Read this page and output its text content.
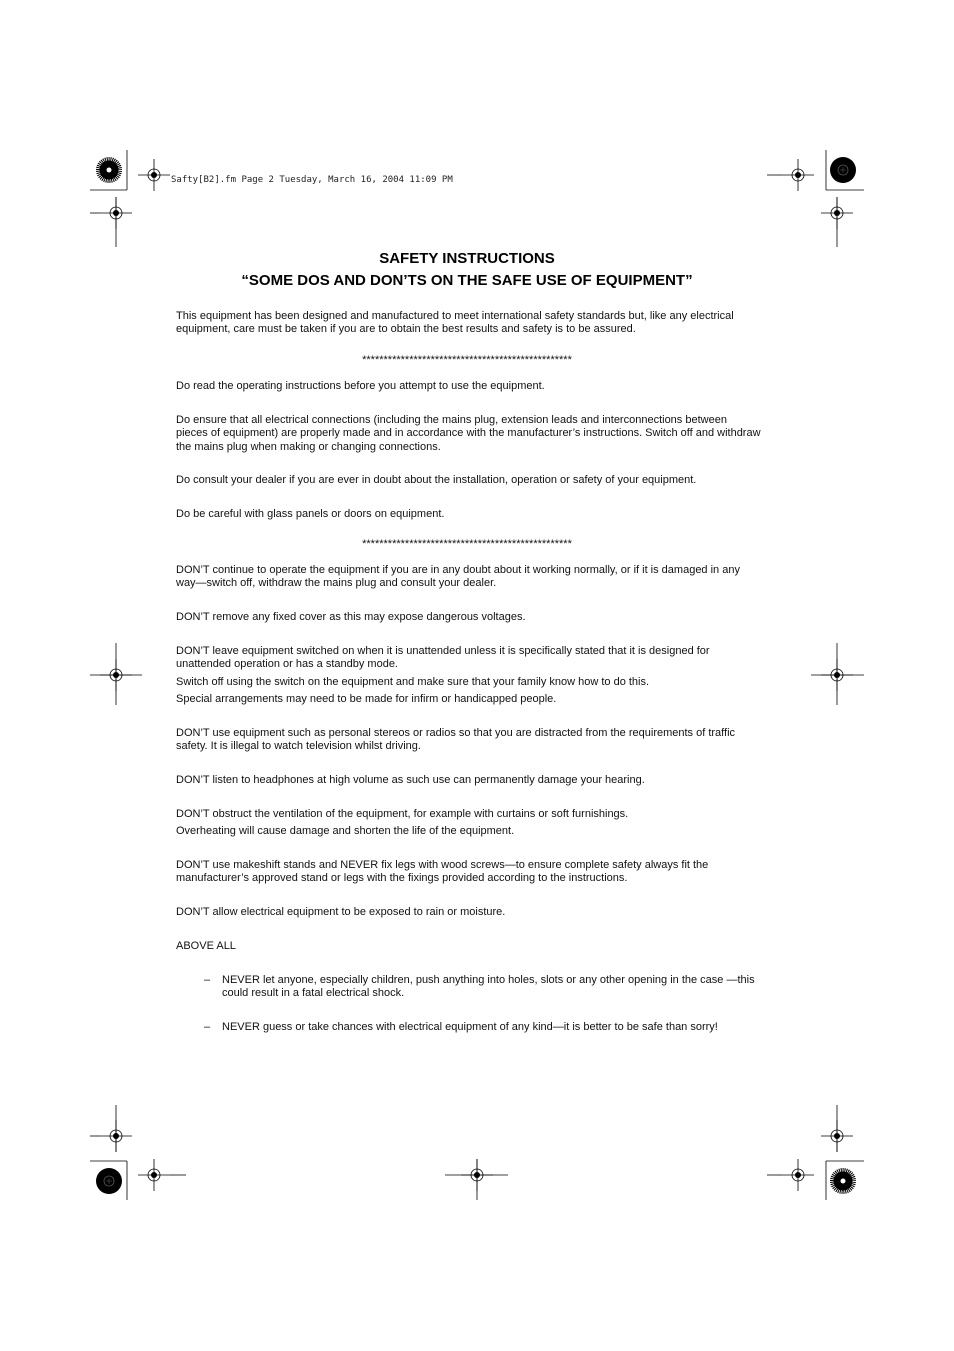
Safty[B2].fm Page 2 Tuesday, March 16, 2004 11:09 PM
SAFETY INSTRUCTIONS
“SOME DOS AND DON’TS ON THE SAFE USE OF EQUIPMENT”
This equipment has been designed and manufactured to meet international safety standards but, like any electrical equipment, care must be taken if you are to obtain the best results and safety is to be assured.
*************************************************
Do read the operating instructions before you attempt to use the equipment.
Do ensure that all electrical connections (including the mains plug, extension leads and interconnections between pieces of equipment) are properly made and in accordance with the manufacturer’s instructions. Switch off and withdraw the mains plug when making or changing connections.
Do consult your dealer if you are ever in doubt about the installation, operation or safety of your equipment.
Do be careful with glass panels or doors on equipment.
*************************************************
DON’T continue to operate the equipment if you are in any doubt about it working normally, or if it is damaged in any way—switch off, withdraw the mains plug and consult your dealer.
DON’T remove any fixed cover as this may expose dangerous voltages.
DON’T leave equipment switched on when it is unattended unless it is specifically stated that it is designed for unattended operation or has a standby mode.
Switch off using the switch on the equipment and make sure that your family know how to do this.
Special arrangements may need to be made for infirm or handicapped people.
DON’T use equipment such as personal stereos or radios so that you are distracted from the requirements of traffic safety. It is illegal to watch television whilst driving.
DON’T listen to headphones at high volume as such use can permanently damage your hearing.
DON’T obstruct the ventilation of the equipment, for example with curtains or soft furnishings.
Overheating will cause damage and shorten the life of the equipment.
DON’T use makeshift stands and NEVER fix legs with wood screws—to ensure complete safety always fit the manufacturer’s approved stand or legs with the fixings provided according to the instructions.
DON’T allow electrical equipment to be exposed to rain or moisture.
ABOVE ALL
– NEVER let anyone, especially children, push anything into holes, slots or any other opening in the case —this could result in a fatal electrical shock.
– NEVER guess or take chances with electrical equipment of any kind—it is better to be safe than sorry!
